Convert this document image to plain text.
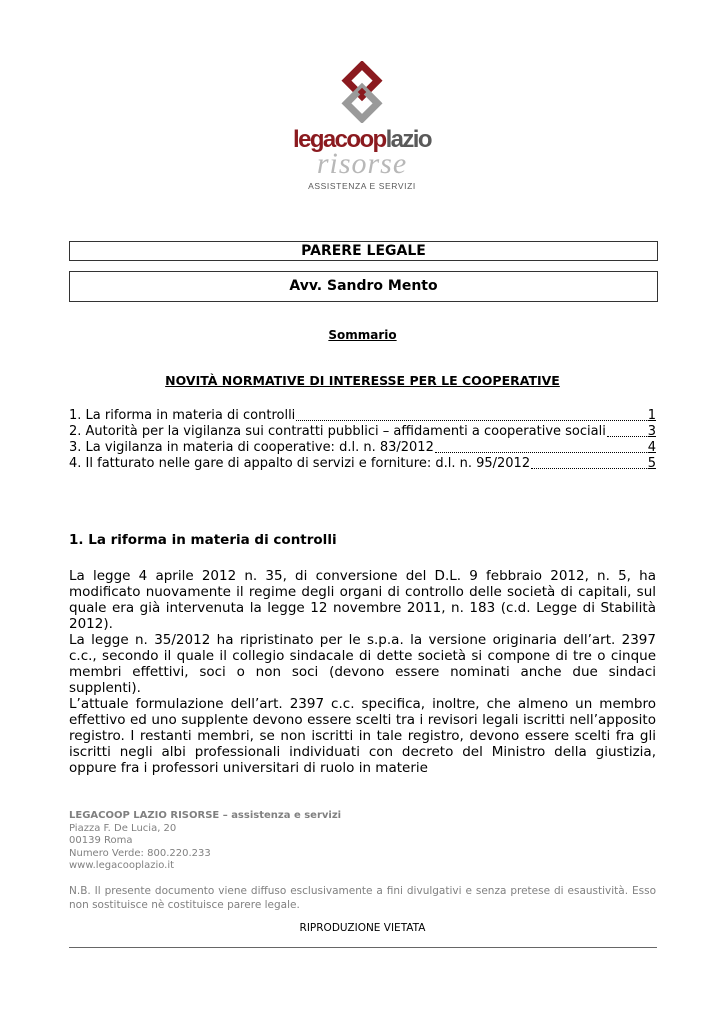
legacooplazio
risorse
ASSISTENZA E SERVIZI
PARERE LEGALE
Avv. Sandro Mento
Sommario
NOVITÀ NORMATIVE DI INTERESSE PER LE COOPERATIVE
1. La riforma in materia di controlli	1
2. Autorità per la vigilanza sui contratti pubblici – affidamenti a cooperative sociali	3
3. La vigilanza in materia di cooperative: d.l. n. 83/2012	4
4. Il fatturato nelle gare di appalto di servizi e forniture: d.l. n. 95/2012	5
1. La riforma in materia di controlli
La legge 4 aprile 2012 n. 35, di conversione del D.L. 9 febbraio 2012, n. 5, ha modificato nuovamente il regime degli organi di controllo delle società di capitali, sul quale era già intervenuta la legge 12 novembre 2011, n. 183 (c.d. Legge di Stabilità 2012).
La legge n. 35/2012 ha ripristinato per le s.p.a. la versione originaria dell’art. 2397 c.c., secondo il quale il collegio sindacale di dette società si compone di tre o cinque membri effettivi, soci o non soci (devono essere nominati anche due sindaci supplenti).
L’attuale formulazione dell’art. 2397 c.c. specifica, inoltre, che almeno un membro effettivo ed uno supplente devono essere scelti tra i revisori legali iscritti nell’apposito registro. I restanti membri, se non iscritti in tale registro, devono essere scelti fra gli iscritti negli albi professionali individuati con decreto del Ministro della giustizia, oppure fra i professori universitari di ruolo in materie
LEGACOOP LAZIO RISORSE – assistenza e servizi
Piazza F. De Lucia, 20
00139 Roma
Numero Verde: 800.220.233
www.legacooplazio.it
N.B. Il presente documento viene diffuso esclusivamente a fini divulgativi e senza pretese di esaustività. Esso non sostituisce nè costituisce parere legale.
RIPRODUZIONE VIETATA
